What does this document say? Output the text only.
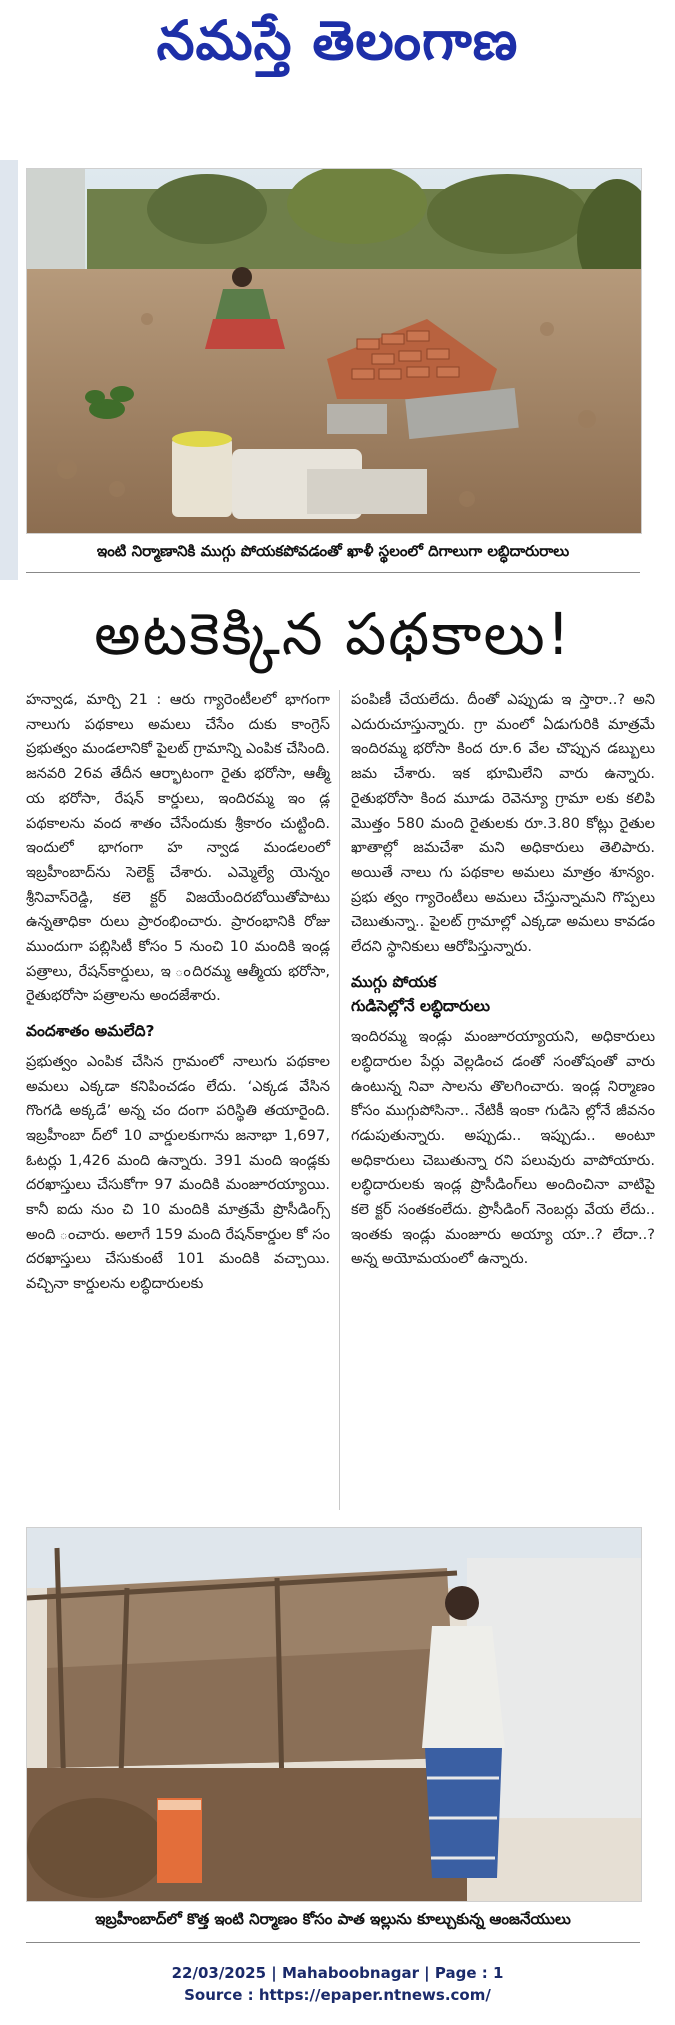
నమస్తే తెలంగాణ
ఇంటి నిర్మాణానికి ముగ్గు పోయకపోవడంతో ఖాళీ స్థలంలో దిగాలుగా లబ్ధిదారురాలు
అటకెక్కిన పథకాలు!

హన్వాడ, మార్చి 21 : ఆరు గ్యారెంటీలలో భాగంగా నాలుగు పథకాలు అమలు చేసేం దుకు కాంగ్రెస్ ప్రభుత్వం మండలానికో పైలట్ గ్రామాన్ని ఎంపిక చేసింది. జనవరి 26వ తేదీన ఆర్భాటంగా రైతు భరోసా, ఆత్మీ య భరోసా, రేషన్ కార్డులు, ఇందిరమ్మ ఇం డ్ల పథకాలను వంద శాతం చేసేందుకు శ్రీకారం చుట్టింది. ఇందులో భాగంగా హ న్వాడ మండలంలో ఇబ్రహీంబాద్‌ను సెలెక్ట్ చేశారు. ఎమ్మెల్యే యెన్నం శ్రీనివాస్‌రెడ్డి, కలె క్టర్ విజయేందిరబోయితోపాటు ఉన్నతాధికా రులు ప్రారంభించారు. ప్రారంభానికి రోజు ముందుగా పబ్లిసిటీ కోసం 5 నుంచి 10 మందికి ఇండ్ల పత్రాలు, రేషన్‌కార్డులు, ఇ ందిరమ్మ ఆత్మీయ భరోసా, రైతుభరోసా పత్రాలను అందజేశారు.

వందశాతం అమలేది?

ప్రభుత్వం ఎంపిక చేసిన గ్రామంలో నాలుగు పథకాల అమలు ఎక్కడా కనిపించడం లేదు. ‘ఎక్కడ వేసిన గొంగడి అక్కడే’ అన్న చం దంగా పరిస్థితి తయారైంది. ఇబ్రహీంబా ద్‌లో 10 వార్డులకుగాను జనాభా 1,697, ఓటర్లు 1,426 మంది ఉన్నారు. 391 మంది ఇండ్లకు దరఖాస్తులు చేసుకోగా 97 మందికి మంజూరయ్యాయి. కానీ ఐదు నుం చి 10 మందికి మాత్రమే ప్రొసీడింగ్స్ అంది ంచారు. అలాగే 159 మంది రేషన్‌కార్డుల కో సం దరఖాస్తులు చేసుకుంటే 101 మందికి వచ్చాయి. వచ్చినా కార్డులను లబ్ధిదారులకు

పంపిణీ చేయలేదు. దీంతో ఎప్పుడు ఇ స్తారా..? అని ఎదురుచూస్తున్నారు. గ్రా మంలో ఏడుగురికి మాత్రమే ఇందిరమ్మ భరోసా కింద రూ.6 వేల చొప్పున డబ్బులు జమ చేశారు. ఇక భూమిలేని వారు ఉన్నారు. రైతుభరోసా కింద మూడు రెవెన్యూ గ్రామా లకు కలిపి మొత్తం 580 మంది రైతులకు రూ.3.80 కోట్లు రైతుల ఖాతాల్లో జమచేశా మని అధికారులు తెలిపారు. అయితే నాలు గు పథకాల అమలు మాత్రం శూన్యం. ప్రభు త్వం గ్యారెంటీలు అమలు చేస్తున్నామని గొప్పలు చెబుతున్నా.. పైలట్ గ్రామాల్లో ఎక్కడా అమలు కావడం లేదని స్థానికులు ఆరోపిస్తున్నారు.

ముగ్గు పోయక
గుడిసెల్లోనే లబ్ధిదారులు

ఇందిరమ్మ ఇండ్లు మంజూరయ్యాయని, అధికారులు లబ్ధిదారుల పేర్లు వెల్లడించ డంతో సంతోషంతో వారు ఉంటున్న నివా సాలను తొలగించారు. ఇండ్ల నిర్మాణం కోసం ముగ్గుపోసినా.. నేటికీ ఇంకా గుడిసె ల్లోనే జీవనం గడుపుతున్నారు. అప్పుడు.. ఇప్పుడు.. అంటూ అధికారులు చెబుతున్నా రని పలువురు వాపోయారు. లబ్ధిదారులకు ఇండ్ల ప్రొసీడింగ్‌లు అందించినా వాటిపై కలె క్టర్ సంతకంలేదు. ప్రొసీడింగ్ నెంబర్లు వేయ లేదు.. ఇంతకు ఇండ్లు మంజూరు అయ్యా యా..? లేదా..? అన్న అయోమయంలో ఉన్నారు.

ఇబ్రహీంబాద్‌లో కొత్త ఇంటి నిర్మాణం కోసం పాత ఇల్లును కూల్చుకున్న ఆంజనేయులు
22/03/2025 | Mahaboobnagar | Page : 1
Source : https://epaper.ntnews.com/
